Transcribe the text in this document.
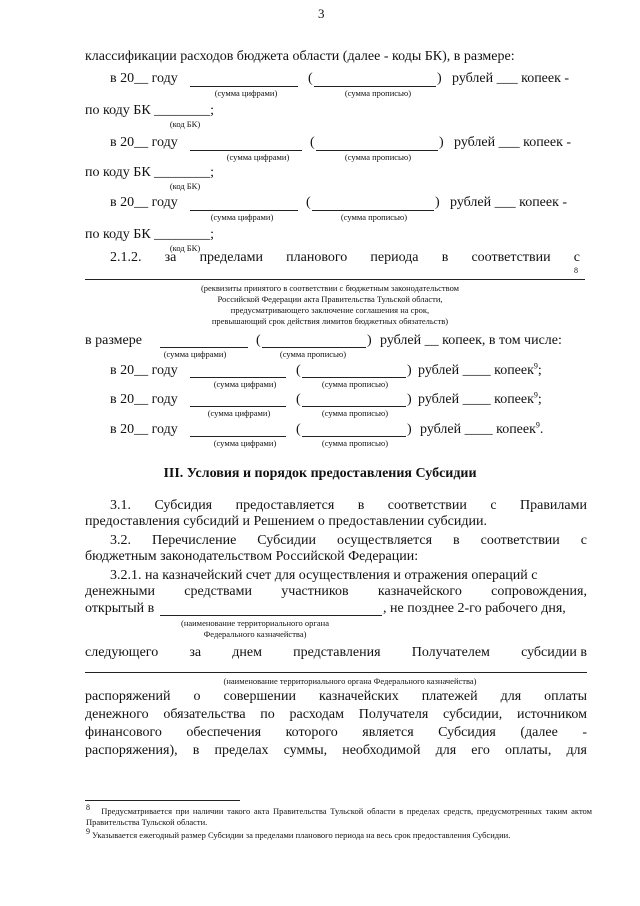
3
классификации расходов бюджета области (далее - коды БК), в размере:
в 20__ году	(	) рублей ___ копеек -
(сумма цифрами)	(сумма прописью)
по коду БК ________;
(код БК)
в 20__ году	(	) рублей ___ копеек -
(сумма цифрами)	(сумма прописью)
по коду БК ________;
(код БК)
в 20__ году	(	) рублей ___ копеек -
(сумма цифрами)	(сумма прописью)
по коду БК ________;
(код БК)
2.1.2. за пределами планового периода в соответствии с
8
(реквизиты принятого в соответствии с бюджетным законодательством
Российской Федерации акта Правительства Тульской области,
предусматривающего заключение соглашения на срок,
превышающий срок действия лимитов бюджетных обязательств)
в размере	(	) рублей __ копеек, в том числе:
(сумма цифрами)	(сумма прописью)
в 20__ году	(	) рублей ____ копеек$^9$;
(сумма цифрами)	(сумма прописью)
в 20__ году	(	) рублей ____ копеек$^9$;
(сумма цифрами)	(сумма прописью)
в 20__ году	(	) рублей ____ копеек$^9$.
(сумма цифрами)	(сумма прописью)
III. Условия и порядок предоставления Субсидии
3.1. Субсидия предоставляется в соответствии с Правилами
предоставления субсидий и Решением о предоставлении субсидии.
3.2. Перечисление Субсидии осуществляется в соответствии с
бюджетным законодательством Российской Федерации:
3.2.1. на казначейский счет для осуществления и отражения операций с
денежными средствами участников казначейского сопровождения,
открытый в	, не позднее 2-го рабочего дня,
(наименование территориального органа
Федерального казначейства)
следующего за днем представления Получателем субсидии в
(наименование территориального органа Федерального казначейства)
распоряжений о совершении казначейских платежей для оплаты
денежного обязательства по расходам Получателя субсидии, источником
финансового обеспечения которого является Субсидия (далее -
распоряжения), в пределах суммы, необходимой для его оплаты, для
$^8$ Предусматривается при наличии такого акта Правительства Тульской области в пределах средств, предусмотренных таким актом Правительства Тульской области.
$^9$ Указывается ежегодный размер Субсидии за пределами планового периода на весь срок предоставления Субсидии.
